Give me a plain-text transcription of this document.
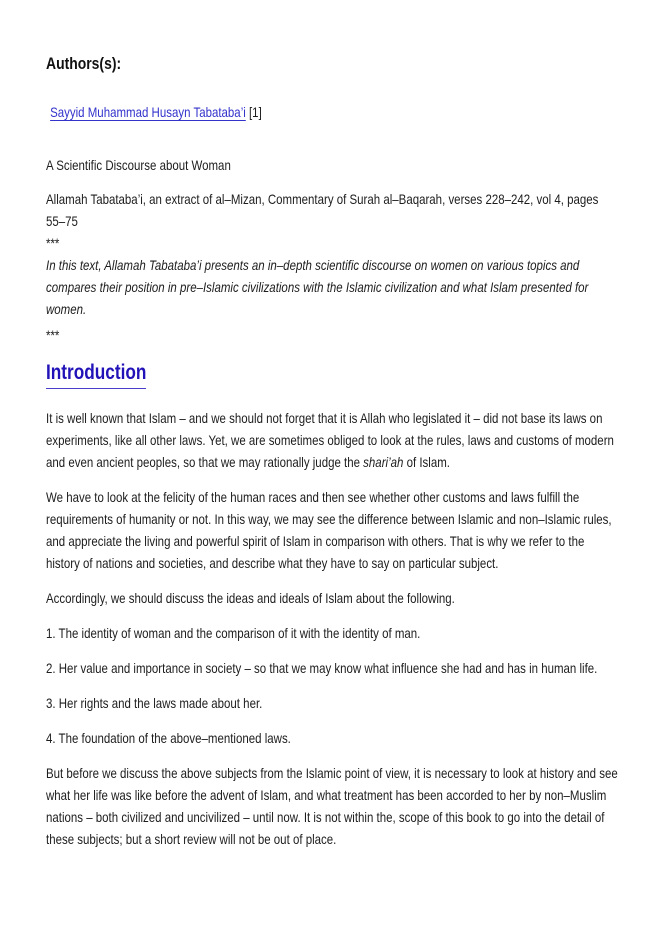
Authors(s):

Sayyid Muhammad Husayn Tabataba’i [1]

A Scientific Discourse about Woman

Allamah Tabataba’i, an extract of al–Mizan, Commentary of Surah al–Baqarah, verses 228–242, vol 4, pages 55–75
***

In this text, Allamah Tabataba’i presents an in–depth scientific discourse on women on various topics and compares their position in pre–Islamic civilizations with the Islamic civilization and what Islam presented for women.

***

Introduction

It is well known that Islam – and we should not forget that it is Allah who legislated it – did not base its laws on experiments, like all other laws. Yet, we are sometimes obliged to look at the rules, laws and customs of modern and even ancient peoples, so that we may rationally judge the shari’ah of Islam.

We have to look at the felicity of the human races and then see whether other customs and laws fulfill the requirements of humanity or not. In this way, we may see the difference between Islamic and non–Islamic rules, and appreciate the living and powerful spirit of Islam in comparison with others. That is why we refer to the history of nations and societies, and describe what they have to say on particular subject.

Accordingly, we should discuss the ideas and ideals of Islam about the following.

1. The identity of woman and the comparison of it with the identity of man.

2. Her value and importance in society – so that we may know what influence she had and has in human life.

3. Her rights and the laws made about her.

4. The foundation of the above–mentioned laws.

But before we discuss the above subjects from the Islamic point of view, it is necessary to look at history and see what her life was like before the advent of Islam, and what treatment has been accorded to her by non–Muslim nations – both civilized and uncivilized – until now. It is not within the, scope of this book to go into the detail of these subjects; but a short review will not be out of place.
